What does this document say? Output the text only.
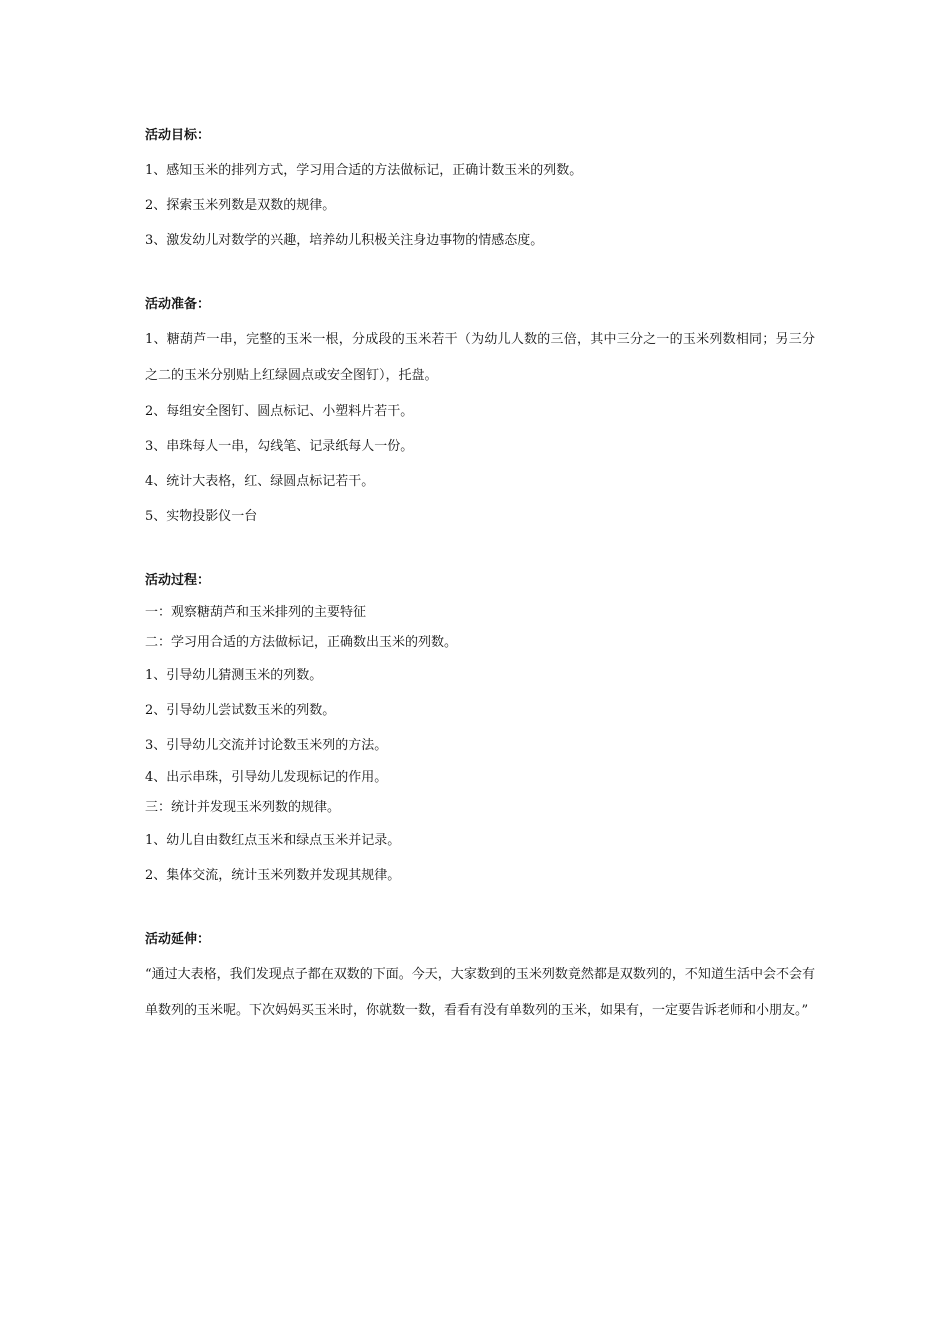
活动目标：

1、感知玉米的排列方式，学习用合适的方法做标记，正确计数玉米的列数。

2、探索玉米列数是双数的规律。

3、激发幼儿对数学的兴趣，培养幼儿积极关注身边事物的情感态度。

活动准备：

1、糖葫芦一串，完整的玉米一根，分成段的玉米若干（为幼儿人数的三倍，其中三分之一的玉米列数相同；另三分之二的玉米分别贴上红绿圆点或安全图钉），托盘。

2、每组安全图钉、圆点标记、小塑料片若干。

3、串珠每人一串，勾线笔、记录纸每人一份。

4、统计大表格，红、绿圆点标记若干。

5、实物投影仪一台

活动过程：

一：观察糖葫芦和玉米排列的主要特征

二：学习用合适的方法做标记，正确数出玉米的列数。

1、引导幼儿猜测玉米的列数。

2、引导幼儿尝试数玉米的列数。

3、引导幼儿交流并讨论数玉米列的方法。

4、出示串珠，引导幼儿发现标记的作用。

三：统计并发现玉米列数的规律。

1、幼儿自由数红点玉米和绿点玉米并记录。

2、集体交流，统计玉米列数并发现其规律。

活动延伸：

“通过大表格，我们发现点子都在双数的下面。今天，大家数到的玉米列数竟然都是双数列的，不知道生活中会不会有单数列的玉米呢。下次妈妈买玉米时，你就数一数，看看有没有单数列的玉米，如果有，一定要告诉老师和小朋友。”
